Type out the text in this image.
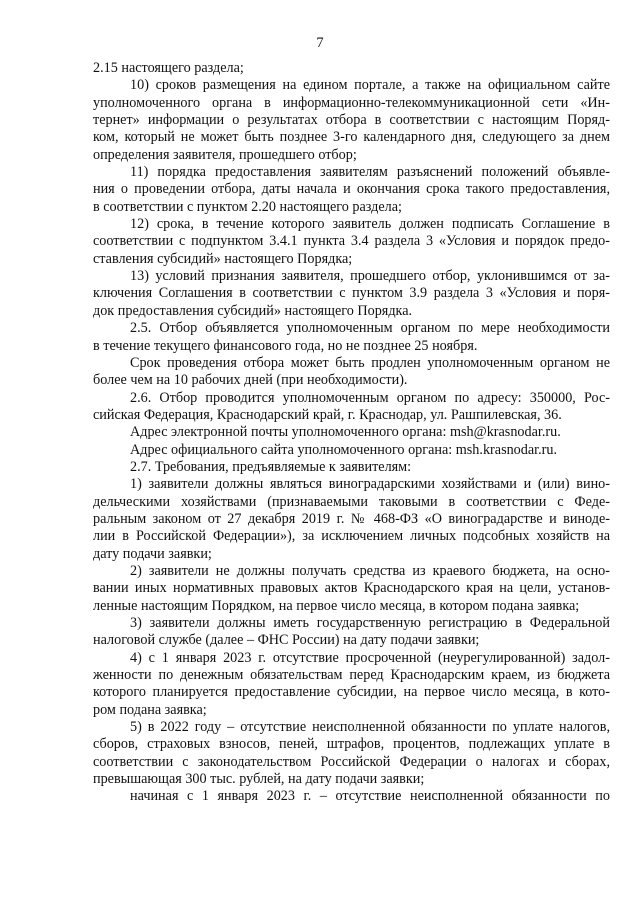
7
2.15 настоящего раздела;
10) сроков размещения на едином портале, а также на официальном сайте
уполномоченного органа в информационно-телекоммуникационной сети «Ин-
тернет» информации о результатах отбора в соответствии с настоящим Поряд-
ком, который не может быть позднее 3-го календарного дня, следующего за днем
определения заявителя, прошедшего отбор;
11) порядка предоставления заявителям разъяснений положений объявле-
ния о проведении отбора, даты начала и окончания срока такого предоставления,
в соответствии с пунктом 2.20 настоящего раздела;
12) срока, в течение которого заявитель должен подписать Соглашение в
соответствии с подпунктом 3.4.1 пункта 3.4 раздела 3 «Условия и порядок предо-
ставления субсидий» настоящего Порядка;
13) условий признания заявителя, прошедшего отбор, уклонившимся от за-
ключения Соглашения в соответствии с пунктом 3.9 раздела 3 «Условия и поря-
док предоставления субсидий» настоящего Порядка.
2.5. Отбор объявляется уполномоченным органом по мере необходимости
в течение текущего финансового года, но не позднее 25 ноября.
Срок проведения отбора может быть продлен уполномоченным органом не
более чем на 10 рабочих дней (при необходимости).
2.6. Отбор проводится уполномоченным органом по адресу: 350000, Рос-
сийская Федерация, Краснодарский край, г. Краснодар, ул. Рашпилевская, 36.
Адрес электронной почты уполномоченного органа: msh@krasnodar.ru.
Адрес официального сайта уполномоченного органа: msh.krasnodar.ru.
2.7. Требования, предъявляемые к заявителям:
1) заявители должны являться виноградарскими хозяйствами и (или) вино-
дельческими хозяйствами (признаваемыми таковыми в соответствии с Феде-
ральным законом от 27 декабря 2019 г. № 468-ФЗ «О виноградарстве и виноде-
лии в Российской Федерации»), за исключением личных подсобных хозяйств на
дату подачи заявки;
2) заявители не должны получать средства из краевого бюджета, на осно-
вании иных нормативных правовых актов Краснодарского края на цели, установ-
ленные настоящим Порядком, на первое число месяца, в котором подана заявка;
3) заявители должны иметь государственную регистрацию в Федеральной
налоговой службе (далее – ФНС России) на дату подачи заявки;
4) с 1 января 2023 г. отсутствие просроченной (неурегулированной) задол-
женности по денежным обязательствам перед Краснодарским краем, из бюджета
которого планируется предоставление субсидии, на первое число месяца, в кото-
ром подана заявка;
5) в 2022 году – отсутствие неисполненной обязанности по уплате налогов,
сборов, страховых взносов, пеней, штрафов, процентов, подлежащих уплате в
соответствии с законодательством Российской Федерации о налогах и сборах,
превышающая 300 тыс. рублей, на дату подачи заявки;
начиная с 1 января 2023 г. – отсутствие неисполненной обязанности по
